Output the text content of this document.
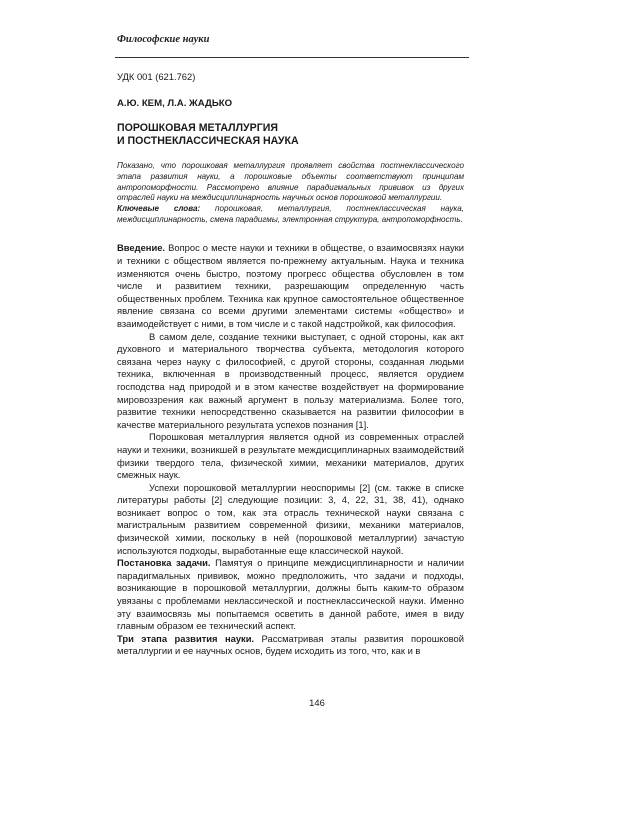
Философские науки

УДК 001 (621.762)

А.Ю. КЕМ, Л.А. ЖАДЬКО

ПОРОШКОВАЯ МЕТАЛЛУРГИЯ
И ПОСТНЕКЛАССИЧЕСКАЯ НАУКА
Показано, что порошковая металлургия проявляет свойства постнеклассического этапа развития науки, а порошковые объекты соответствуют принципам антропоморфности. Рассмотрено влияние парадигмальных прививок из других отраслей науки на междисциплинарность научных основ порошковой металлургии.
Ключевые слова: порошковая, металлургия, постнеклассическая наука, междисциплинарность, смена парадигмы, электронная структура, антропоморфность.

Введение. Вопрос о месте науки и техники в обществе, о взаимосвязях науки и техники с обществом является по-прежнему актуальным. Наука и техника изменяются очень быстро, поэтому прогресс общества обусловлен в том числе и развитием техники, разрешающим определенную часть общественных проблем. Техника как крупное самостоятельное общественное явление связана со всеми другими элементами системы «общество» и взаимодействует с ними, в том числе и с такой надстройкой, как философия.

В самом деле, создание техники выступает, с одной стороны, как акт духовного и материального творчества субъекта, методология которого связана через науку с философией, с другой стороны, созданная людьми техника, включенная в производственный процесс, является орудием господства над природой и в этом качестве воздействует на формирование мировоззрения как важный аргумент в пользу материализма. Более того, развитие техники непосредственно сказывается на развитии философии в качестве материального результата успехов познания [1].

Порошковая металлургия является одной из современных отраслей науки и техники, возникшей в результате междисциплинарных взаимодействий физики твердого тела, физической химии, механики материалов, других смежных наук.

Успехи порошковой металлургии неоспоримы [2] (см. также в списке литературы работы [2] следующие позиции: 3, 4, 22, 31, 38, 41), однако возникает вопрос о том, как эта отрасль технической науки связана с магистральным развитием современной физики, механики материалов, физической химии, поскольку в ней (порошковой металлургии) зачастую используются подходы, выработанные еще классической наукой.

Постановка задачи. Памятуя о принципе междисциплинарности и наличии парадигмальных прививок, можно предположить, что задачи и подходы, возникающие в порошковой металлургии, должны быть каким-то образом увязаны с проблемами неклассической и постнеклассической науки. Именно эту взаимосвязь мы попытаемся осветить в данной работе, имея в виду главным образом ее технический аспект.

Три этапа развития науки. Рассматривая этапы развития порошковой металлургии и ее научных основ, будем исходить из того, что, как и в

146
